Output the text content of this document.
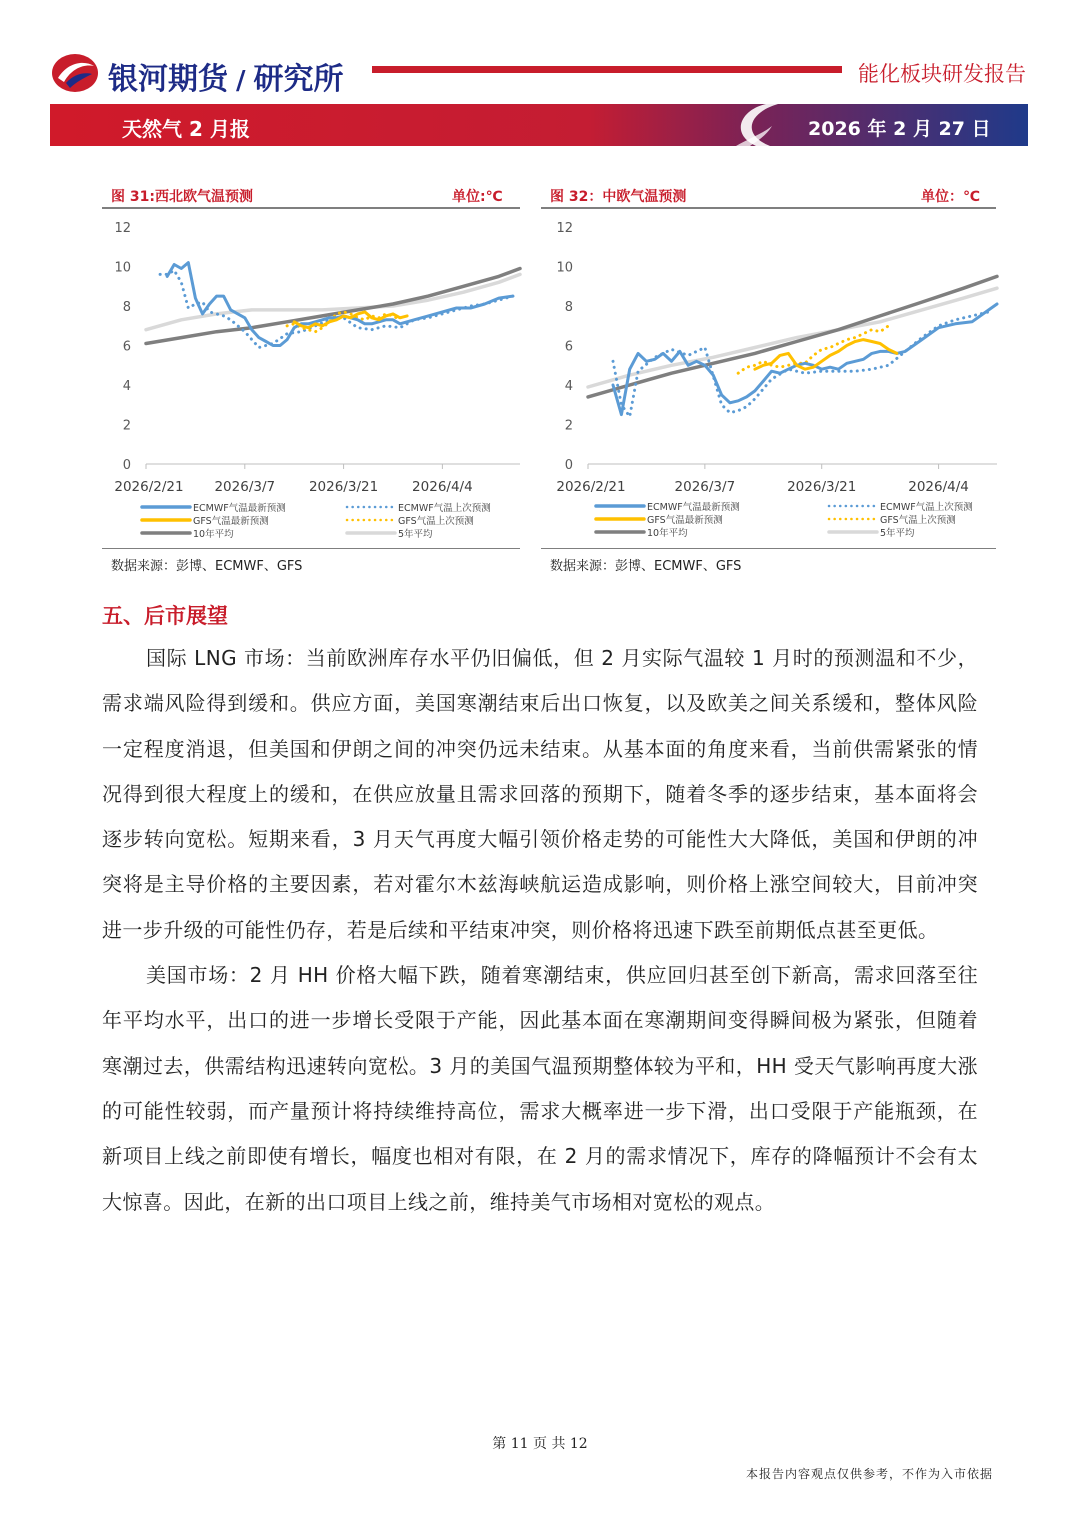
银河期货 / 研究所	能化板块研发报告
天然气 2 月报	2026 年 2 月 27 日
图 31:西北欧气温预测	单位:℃
0
2
4
6
8
10
12
2026/2/21 2026/3/7	2026/3/21	2026/4/4
ECMWF气温最新预测	ECMWF气温上次预测
GFS气温最新预测	GFS气温上次预测
10年平均	5年平均
数据来源：彭博、ECMWF、GFS
图 32：中欧气温预测	单位：℃
0
2
4
6
8
10
12
2026/2/21	2026/3/7	2026/3/21	2026/4/4
ECMWF气温最新预测	ECMWF气温上次预测
GFS气温最新预测	GFS气温上次预测
10年平均	5年平均
数据来源：彭博、ECMWF、GFS
五、后市展望

国际 LNG 市场：当前欧洲库存水平仍旧偏低，但 2 月实际气温较 1 月时的预测温和不少，需求端风险得到缓和。供应方面，美国寒潮结束后出口恢复，以及欧美之间关系缓和，整体风险一定程度消退，但美国和伊朗之间的冲突仍远未结束。从基本面的角度来看，当前供需紧张的情况得到很大程度上的缓和，在供应放量且需求回落的预期下，随着冬季的逐步结束，基本面将会逐步转向宽松。短期来看，3 月天气再度大幅引领价格走势的可能性大大降低，美国和伊朗的冲突将是主导价格的主要因素，若对霍尔木兹海峡航运造成影响，则价格上涨空间较大，目前冲突进一步升级的可能性仍存，若是后续和平结束冲突，则价格将迅速下跌至前期低点甚至更低。

美国市场：2 月 HH 价格大幅下跌，随着寒潮结束，供应回归甚至创下新高，需求回落至往年平均水平，出口的进一步增长受限于产能，因此基本面在寒潮期间变得瞬间极为紧张，但随着寒潮过去，供需结构迅速转向宽松。3 月的美国气温预期整体较为平和，HH 受天气影响再度大涨的可能性较弱，而产量预计将持续维持高位，需求大概率进一步下滑，出口受限于产能瓶颈，在新项目上线之前即使有增长，幅度也相对有限，在 2 月的需求情况下，库存的降幅预计不会有太大惊喜。因此，在新的出口项目上线之前，维持美气市场相对宽松的观点。

第 11 页 共 12
本报告内容观点仅供参考，不作为入市依据
